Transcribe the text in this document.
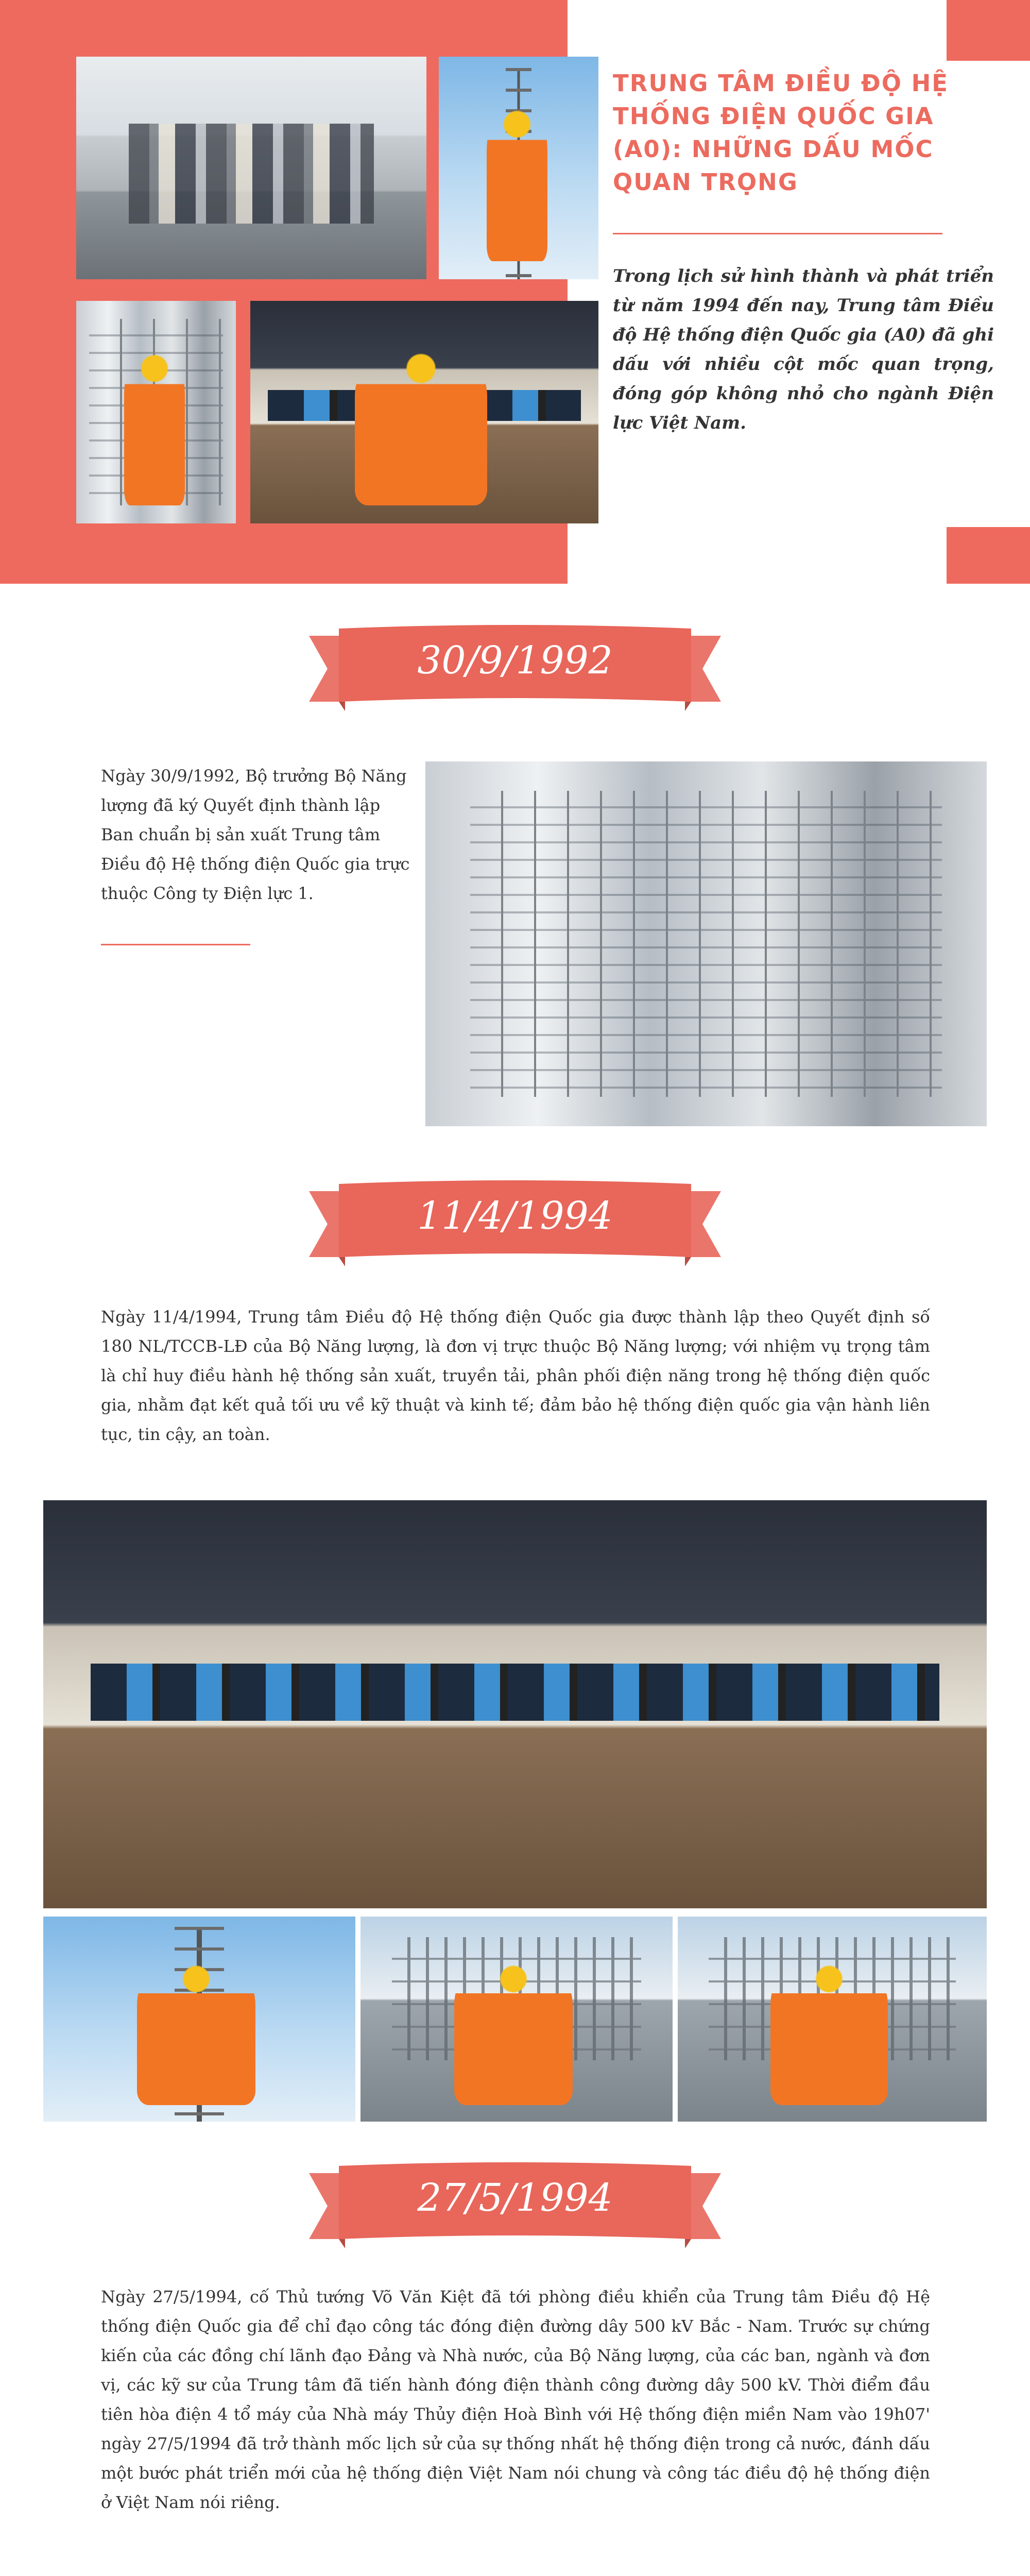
TRUNG TÂM ĐIỀU ĐỘ HỆ THỐNG ĐIỆN QUỐC GIA (A0): NHỮNG DẤU MỐC QUAN TRỌNG
Trong lịch sử hình thành và phát triển từ năm 1994 đến nay, Trung tâm Điều độ Hệ thống điện Quốc gia (A0) đã ghi dấu với nhiều cột mốc quan trọng, đóng góp không nhỏ cho ngành Điện lực Việt Nam.
30/9/1992
Ngày 30/9/1992, Bộ trưởng Bộ Năng lượng đã ký Quyết định thành lập Ban chuẩn bị sản xuất Trung tâm Điều độ Hệ thống điện Quốc gia trực thuộc Công ty Điện lực 1.
11/4/1994
Ngày 11/4/1994, Trung tâm Điều độ Hệ thống điện Quốc gia được thành lập theo Quyết định số 180 NL/TCCB-LĐ của Bộ Năng lượng, là đơn vị trực thuộc Bộ Năng lượng; với nhiệm vụ trọng tâm là chỉ huy điều hành hệ thống sản xuất, truyền tải, phân phối điện năng trong hệ thống điện quốc gia, nhằm đạt kết quả tối ưu về kỹ thuật và kinh tế; đảm bảo hệ thống điện quốc gia vận hành liên tục, tin cậy, an toàn.
27/5/1994
Ngày 27/5/1994, cố Thủ tướng Võ Văn Kiệt đã tới phòng điều khiển của Trung tâm Điều độ Hệ thống điện Quốc gia để chỉ đạo công tác đóng điện đường dây 500 kV Bắc - Nam. Trước sự chứng kiến của các đồng chí lãnh đạo Đảng và Nhà nước, của Bộ Năng lượng, của các ban, ngành và đơn vị, các kỹ sư của Trung tâm đã tiến hành đóng điện thành công đường dây 500 kV. Thời điểm đầu tiên hòa điện 4 tổ máy của Nhà máy Thủy điện Hoà Bình với Hệ thống điện miền Nam vào 19h07' ngày 27/5/1994 đã trở thành mốc lịch sử của sự thống nhất hệ thống điện trong cả nước, đánh dấu một bước phát triển mới của hệ thống điện Việt Nam nói chung và công tác điều độ hệ thống điện ở Việt Nam nói riêng.
